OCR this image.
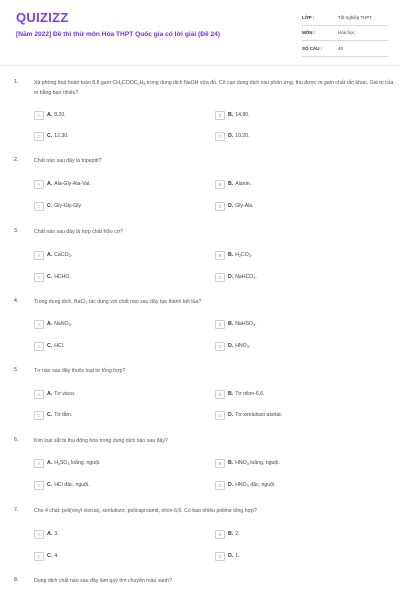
QUIZIZZ
[Năm 2022] Đề thi thử môn Hóa THPT Quốc gia có lời giải (Đề 24)
LỚP :	Tốt nghiệp THPT
MÔN :	Hóa học
SỐ CÂU :	40
1.	Xà phòng hoá hoàn toàn 8,8 gam $CH_3COOC_2H_5$ trong dung dịch NaOH vừa đủ. Cô cạn dung dịch sau phản ứng, thu được m gam chất rắn khan. Giá trị của m bằng bao nhiêu?
A	A. 8,20.	B	B. 14,80.
C	C. 12,30.	D	D. 10,20.
2.	Chất nào sau đây là tripeptit?
A	A. Ala-Gly-Ala-Val.	B	B. Alanin.
C	C. Gly-Gly-Gly.	D	D. Gly-Ala.
3.	Chất nào sau đây là hợp chất hữu cơ?
A	A. CaCO$_3$.	B	B. $H_2CO_3$.
C	C. HCHO.	D	D. NaHCO$_3$.
4.	Trong dung dịch, BaCl$_2$ tác dụng với chất nào sau đây tạo thành kết tủa?
A	A. NaNO$_3$.	B	B. NaHSO$_4$.
C	C. HCl.	D	D. $HNO_3$.
5.	Tơ nào sau đây thuộc loại tơ tổng hợp?
A	A. Tơ visco.	B	B. Tơ nilon-6,6.
C	C. Tơ tằm.	D	D. Tơ xenlulozo axetat.
6.	Kim loại sắt bị thụ động hóa trong dung dịch nào sau đây?
A	A. $H_2SO_4$ loãng, nguội.	B	B. $HNO_3$ loãng, nguội.
C	C. HCl đặc, nguội.	D	D. $HNO_3$ đặc, nguội.
7.	Cho 4 chất: poli(vinyl clorua), xenlulozơ, policaproamit, nilon-6,6. Có bao nhiêu polime tổng hợp?
A	A. 3.	B	B. 2.
C	C. 4.	D	D. 1.
8.	Dung dịch chất nào sau đây làm quỳ tím chuyển màu xanh?
